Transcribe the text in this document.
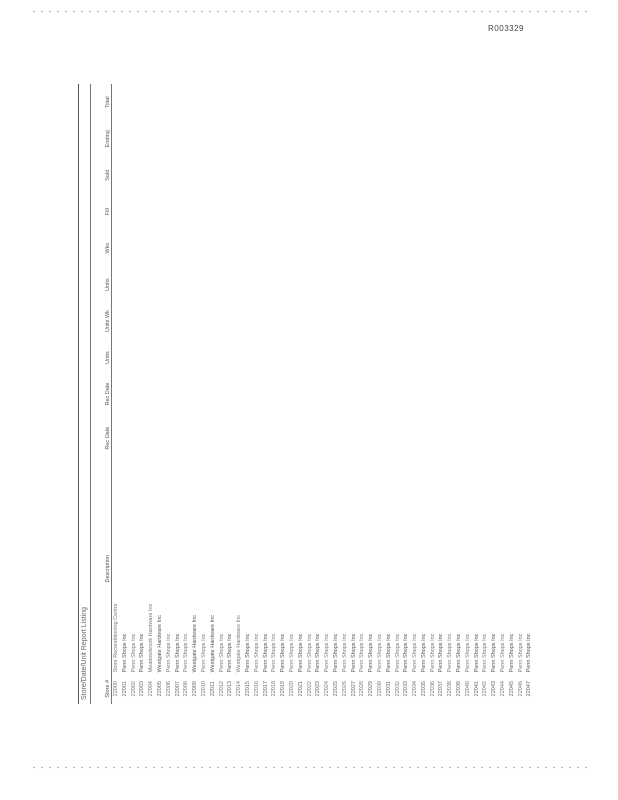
R003329
Store/Date/Unit Report Listing	Store #	Description	Rec Date	Rec Date	Units	Units Wk	Units	Wks	Fill	Sold	Ending	Total
22000	Store Reconditioning Centre										
22001	Penn Shops Inc										
22002	Penn Shops Inc										
22003	Penn Shops Inc										
22004	Meadowbrook Hardware Inc										
22005	Westgate Hardware Inc										
22006	Penn Shops Inc										
22007	Penn Shops Inc										
22008	Penn Shops Inc										
22009	Westgate Hardware Inc										
22010	Penn Shops Inc										
22011	Westgate Hardware Inc										
22012	Penn Shops Inc										
22013	Penn Shops Inc										
22014	Westgate Hardware Inc										
22015	Penn Shops Inc										
22016	Penn Shops Inc										
22017	Penn Shops Inc										
22018	Penn Shops Inc										
22019	Penn Shops Inc										
22020	Penn Shops Inc										
22021	Penn Shops Inc										
22022	Penn Shops Inc										
22023	Penn Shops Inc										
22024	Penn Shops Inc										
22025	Penn Shops Inc										
22026	Penn Shops Inc										
22027	Penn Shops Inc										
22028	Penn Shops Inc										
22029	Penn Shops Inc										
22030	Penn Shops Inc										
22031	Penn Shops Inc										
22032	Penn Shops Inc										
22033	Penn Shops Inc										
22034	Penn Shops Inc										
22035	Penn Shops Inc										
22036	Penn Shops Inc										
22037	Penn Shops Inc										
22038	Penn Shops Inc										
22039	Penn Shops Inc										
22040	Penn Shops Inc										
22041	Penn Shops Inc										
22042	Penn Shops Inc										
22043	Penn Shops Inc										
22044	Penn Shops Inc										
22045	Penn Shops Inc										
22046	Penn Shops Inc										
22047	Penn Shops Inc										
